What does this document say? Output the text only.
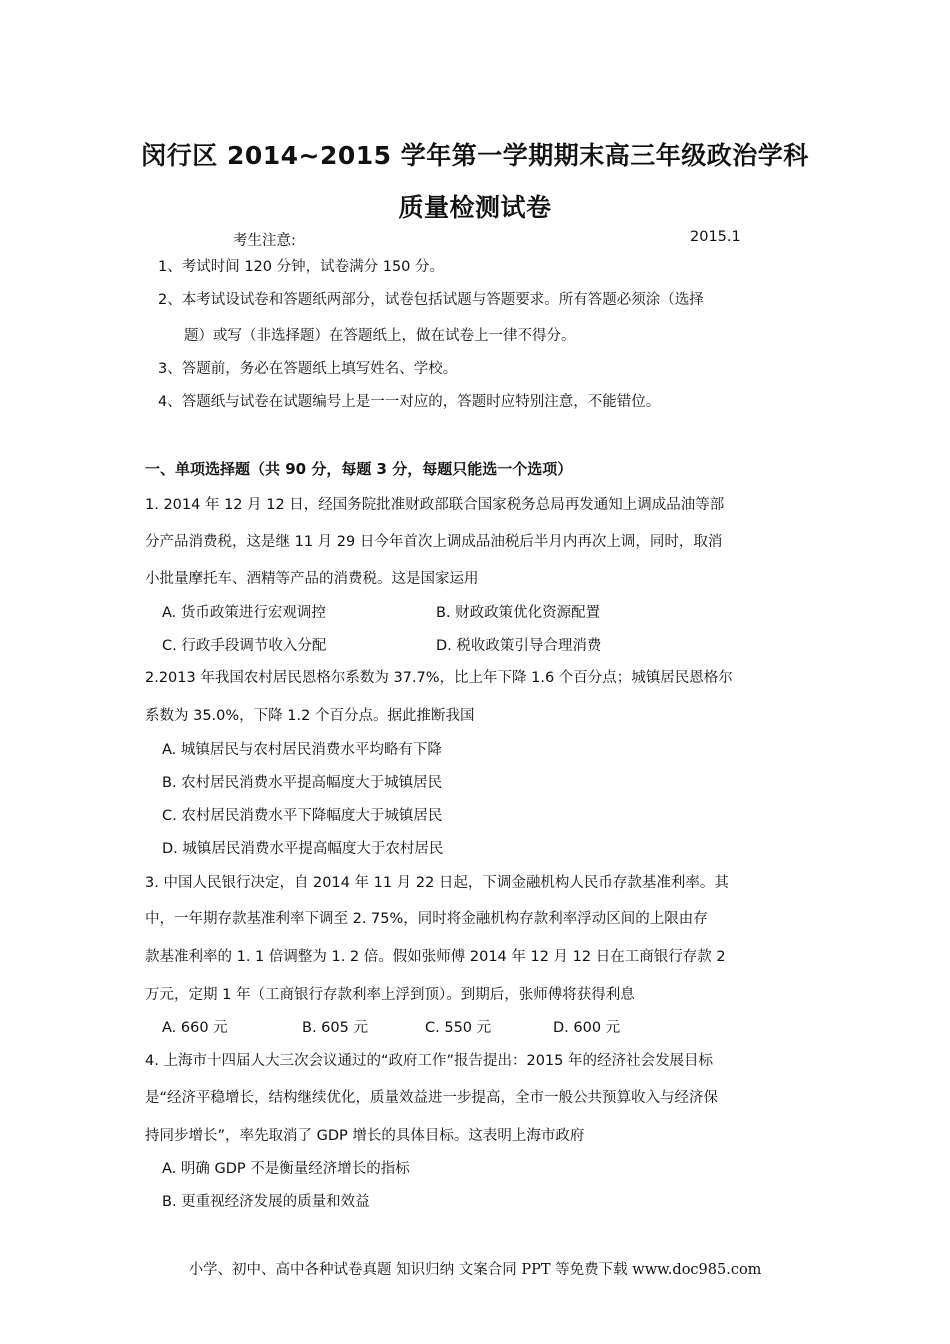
闵行区 2014~2015 学年第一学期期末高三年级政治学科
质量检测试卷
考生注意:	2015.1
1、考试时间 120 分钟，试卷满分 150 分。
2、本考试设试卷和答题纸两部分，试卷包括试题与答题要求。所有答题必须涂（选择
题）或写（非选择题）在答题纸上，做在试卷上一律不得分。
3、答题前，务必在答题纸上填写姓名、学校。
4、答题纸与试卷在试题编号上是一一对应的，答题时应特别注意，不能错位。
一、单项选择题（共 90 分，每题 3 分，每题只能选一个选项）
1. 2014 年 12 月 12 日，经国务院批准财政部联合国家税务总局再发通知上调成品油等部
分产品消费税，这是继 11 月 29 日今年首次上调成品油税后半月内再次上调，同时，取消
小批量摩托车、酒精等产品的消费税。这是国家运用
A. 货币政策进行宏观调控	B. 财政政策优化资源配置
C. 行政手段调节收入分配	D. 税收政策引导合理消费
2.2013 年我国农村居民恩格尔系数为 37.7%，比上年下降 1.6 个百分点；城镇居民恩格尔
系数为 35.0%，下降 1.2 个百分点。据此推断我国
A. 城镇居民与农村居民消费水平均略有下降
B. 农村居民消费水平提高幅度大于城镇居民
C. 农村居民消费水平下降幅度大于城镇居民
D. 城镇居民消费水平提高幅度大于农村居民
3. 中国人民银行决定，自 2014 年 11 月 22 日起，下调金融机构人民币存款基准利率。其
中，一年期存款基准利率下调至 2. 75%，同时将金融机构存款利率浮动区间的上限由存
款基准利率的 1. 1 倍调整为 1. 2 倍。假如张师傅 2014 年 12 月 12 日在工商银行存款 2
万元，定期 1 年（工商银行存款利率上浮到顶）。到期后，张师傅将获得利息
A. 660 元	B. 605 元	C. 550 元	D. 600 元
4. 上海市十四届人大三次会议通过的“政府工作”报告提出：2015 年的经济社会发展目标
是“经济平稳增长，结构继续优化，质量效益进一步提高，全市一般公共预算收入与经济保
持同步增长”，率先取消了 GDP 增长的具体目标。这表明上海市政府
A. 明确 GDP 不是衡量经济增长的指标
B. 更重视经济发展的质量和效益
小学、初中、高中各种试卷真题 知识归纳 文案合同 PPT 等免费下载 www.doc985.com
